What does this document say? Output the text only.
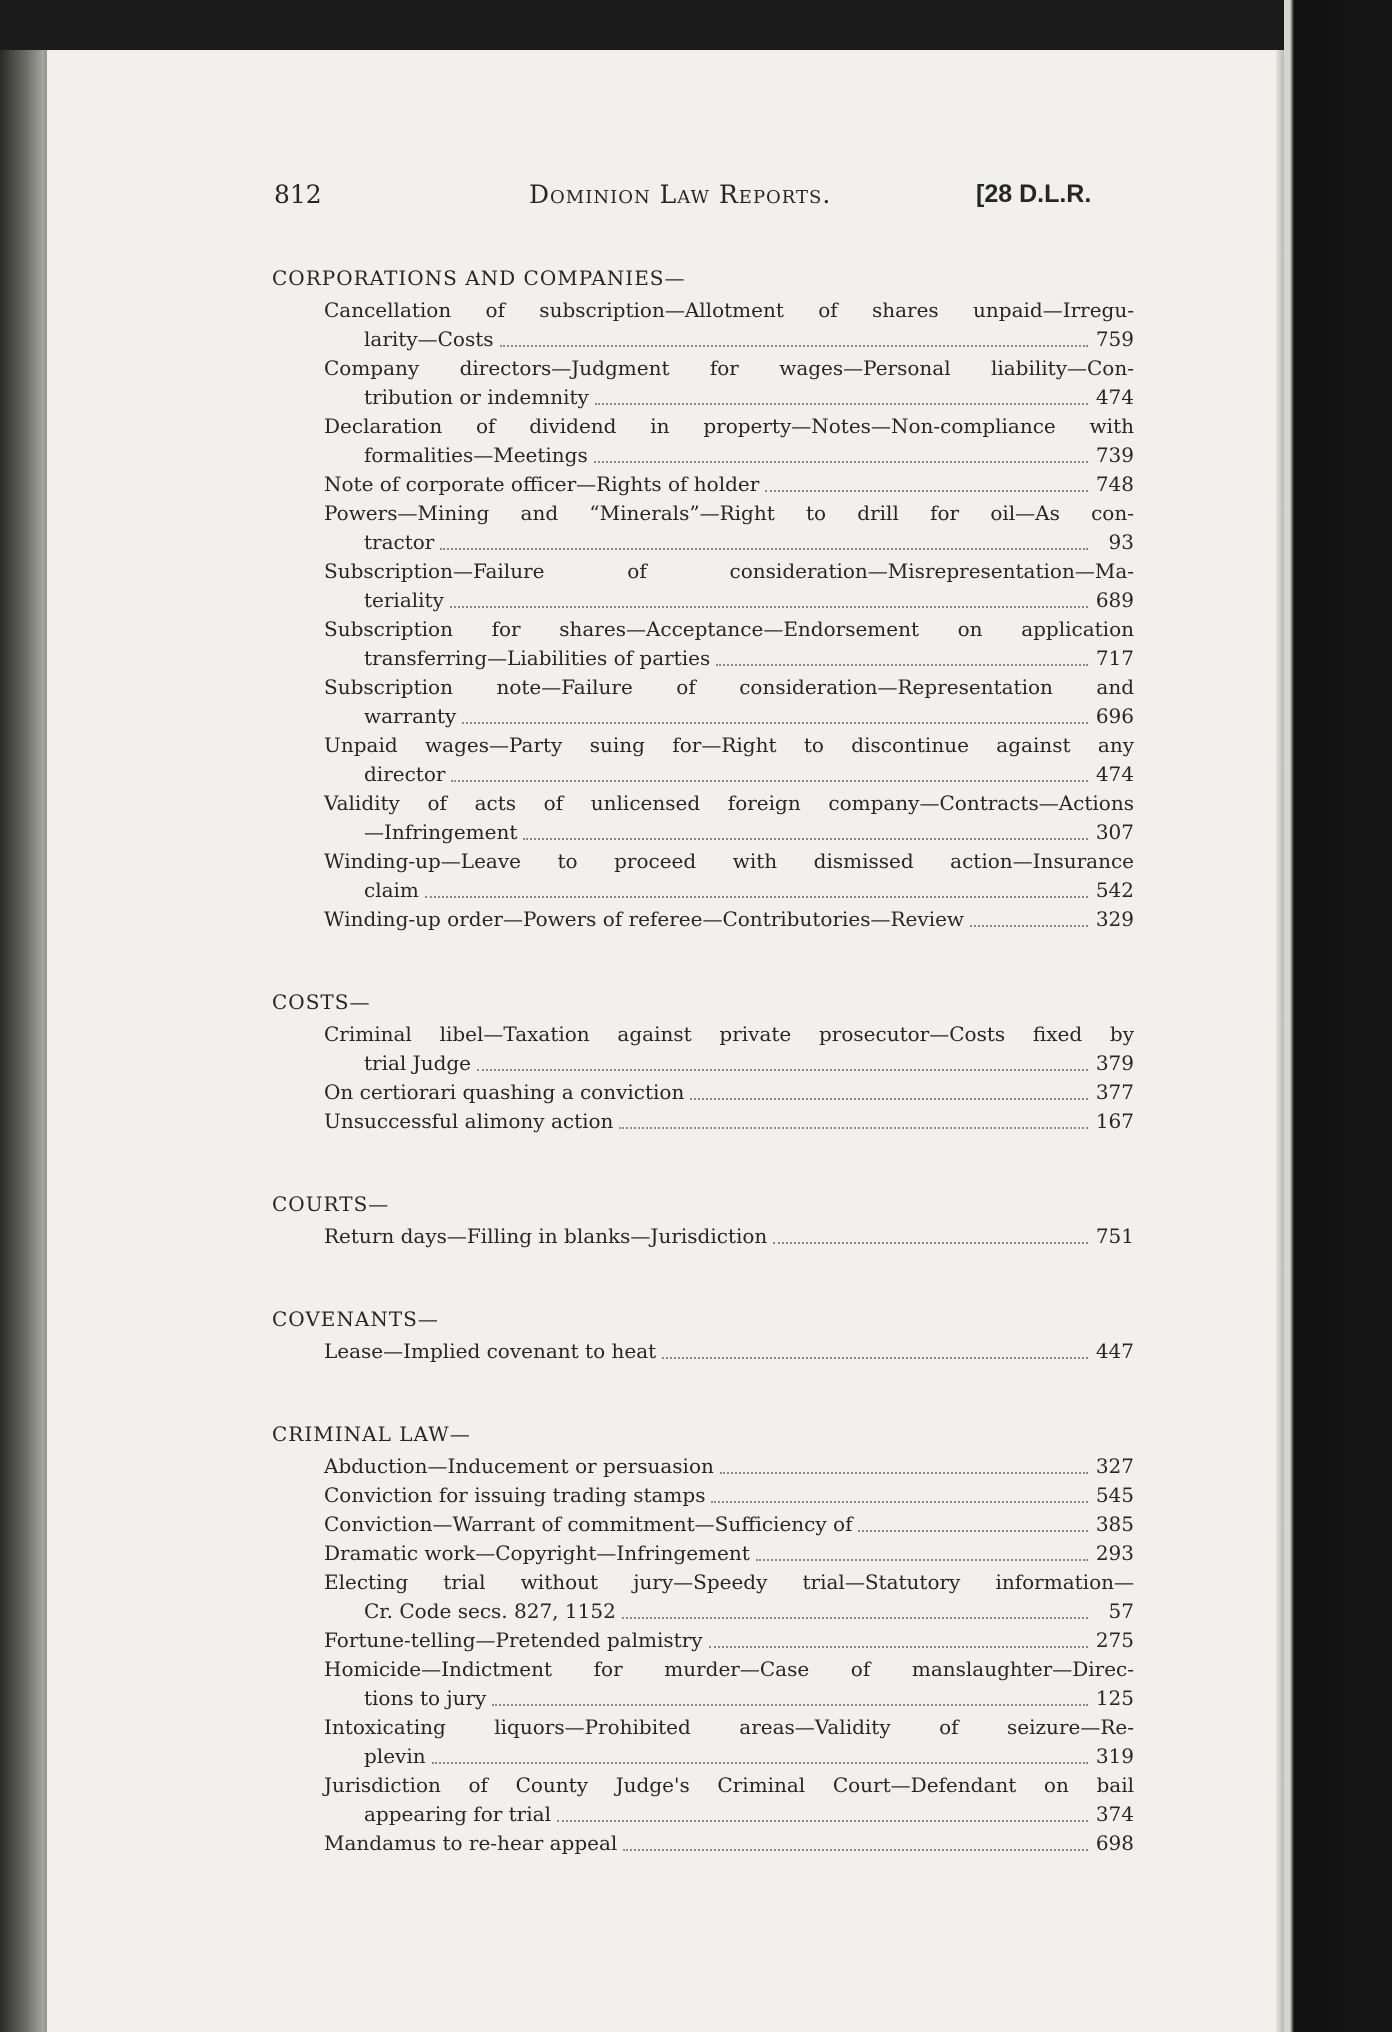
812	Dominion Law Reports.	[28 D.L.R.
CORPORATIONS AND COMPANIES—
Cancellation of subscription—Allotment of shares unpaid—Irregu-
larity—Costs	759
Company directors—Judgment for wages—Personal liability—Con-
tribution or indemnity	474
Declaration of dividend in property—Notes—Non-compliance with
formalities—Meetings	739
Note of corporate officer—Rights of holder	748
Powers—Mining and “Minerals”—Right to drill for oil—As con-
tractor	93
Subscription—Failure of consideration—Misrepresentation—Ma-
teriality	689
Subscription for shares—Acceptance—Endorsement on application
transferring—Liabilities of parties	717
Subscription note—Failure of consideration—Representation and
warranty	696
Unpaid wages—Party suing for—Right to discontinue against any
director	474
Validity of acts of unlicensed foreign company—Contracts—Actions
—Infringement	307
Winding-up—Leave to proceed with dismissed action—Insurance
claim	542
Winding-up order—Powers of referee—Contributories—Review	329
COSTS—
Criminal libel—Taxation against private prosecutor—Costs fixed by
trial Judge	379
On certiorari quashing a conviction	377
Unsuccessful alimony action	167
COURTS—
Return days—Filling in blanks—Jurisdiction	751
COVENANTS—
Lease—Implied covenant to heat	447
CRIMINAL LAW—
Abduction—Inducement or persuasion	327
Conviction for issuing trading stamps	545
Conviction—Warrant of commitment—Sufficiency of	385
Dramatic work—Copyright—Infringement	293
Electing trial without jury—Speedy trial—Statutory information—
Cr. Code secs. 827, 1152	57
Fortune-telling—Pretended palmistry	275
Homicide—Indictment for murder—Case of manslaughter—Direc-
tions to jury	125
Intoxicating liquors—Prohibited areas—Validity of seizure—Re-
plevin	319
Jurisdiction of County Judge's Criminal Court—Defendant on bail
appearing for trial	374
Mandamus to re-hear appeal	698
